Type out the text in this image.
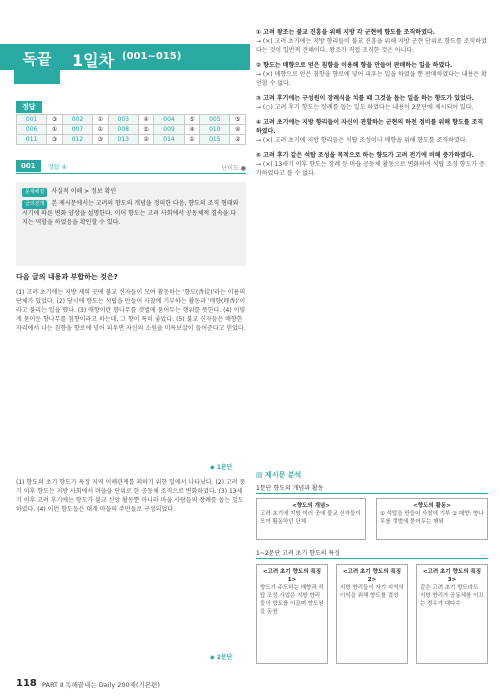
독끝	1일차 (001~015)
정답
001	③	002	①	003	④	004	⑤	005	⑤
006	①	007	①	008	⑤	009	④	010	④
011	③	012	③	013	②	014	①	015	②
001	정답 ④	난이도 ●
문제해결 사실적 이해 > 정보 확인
글의전개 본 제시문에서는 고려의 향도의 개념을 정의한 다음, 향도의 조직 형태와 시기에 따른 변화 양상을 설명한다. 이어 향도는 고려 사회에서 공동체적 결속을 다지는 역할을 하였음을 확인할 수 있다.
다음 글의 내용과 부합하는 것은?
(1) 고려 초기에는 지방 세력 곳에 불교 신자들이 모여 활동하는 '향도(香徒)'라는 이름의 단체가 있었다. (2) 당시에 향도는 석탑을 만들어 사찰에 기부하는 활동과 '매향(埋香)'이라고 불리는 일을 했다. (3) 매향이란 향나무를 갯벌에 묻어두는 행위를 뜻한다. (4) 이렇게 묻어둔 향나무를 침향이라고 하는데, 그 향이 특히 좋았다. (5) 불교 신자들은 매향한 자리에서 나는 침향을 향로에 넣어 피우면 자신의 소원을 미륵보살이 들어준다고 믿었다.
◆ 1문단
(1) 향도의 초기 향도가 특정 지역 이해관계를 꾀하기 위한 일에서 나타났다. (2) 고려 중기 이후 향도는 지방 사회에서 마을을 단위로 한 공동체 조직으로 변화하였다. (3) 13세기 이후 고려 후기에는 향도가 불교 신앙 활동뿐 아니라 마을 사람들의 장례를 돕는 일도 하였다. (4) 이런 향도들은 대개 마을의 주민들로 구성되었다.
◆ 2문단
① 고려 왕조는 불교 진흥을 위해 지방 각 군현에 향도를 조직하였다.
→ (×) 고려 초기에는 지방 향리들이 불교 진흥을 위해 지방 군현 단위로 향도를 조직하였다는 것이 일반적 견해이다. 왕조가 직접 조직한 것은 아니다.
② 향도는 매향으로 얻은 침향을 이용해 향을 만들어 판매하는 일을 하였다.
→ (×) 매향으로 얻은 침향을 향로에 넣어 피우는 일을 하였을 뿐 판매하였다는 내용은 확인할 수 없다.
③ 고려 후기에는 구성원이 장례식을 치를 때 그것을 돕는 일을 하는 향도가 있었다.
→ (○) 고려 후기 향도는 장례를 돕는 일도 하였다는 내용이 2문단에 제시되어 있다.
④ 고려 초기에는 지방 향리들이 자신이 관할하는 군현의 하천 정비를 위해 향도를 조직하였다.
→ (×) 고려 초기에 지방 향리들은 석탑 조성이나 매향을 위해 향도를 조직하였다.
⑤ 고려 후기 같은 석탑 조성을 목적으로 하는 향도가 고려 전기에 비해 증가하였다.
→ (×) 13세기 이후 향도는 장례 등 마을 공동체 활동으로 변화하여 석탑 조성 향도가 증가하였다고 볼 수 없다.
▤ 제시문 분석
1문단 향도의 개념과 활동
<향도의 개념>
고려 초기에 지방 여러 곳에 불교 신자들이 모여 활동하던 단체
<향도의 활동>
① 석탑을 만들어 사찰에 기부 ② 매향: 향나무를 갯벌에 묻어두는 행위
1~2문단 고려 초기 향도의 특징
<고려 초기 향도의 특징 1>
향도가 주도하는 매향과 석탑 조성 사업은 지방 향리들이 향도를 이끌며 향도원을 동원
<고려 초기 향도의 특징 2>
지방 향리들이 자기 지역의 이익을 위해 향도를 결성
<고려 초기 향도의 특징 3>
같은 고려 초기 향도라도 지방 향리가 공동체를 이끄는 경우가 대다수
118 PART Ⅱ 독해끝내는 Daily 200제(기본편)
